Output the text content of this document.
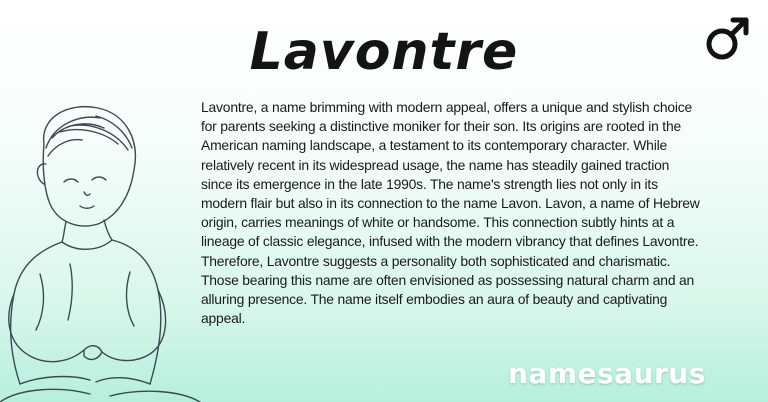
Lavontre
Lavontre, a name brimming with modern appeal, offers a unique and stylish choice for parents seeking a distinctive moniker for their son. Its origins are rooted in the American naming landscape, a testament to its contemporary character. While relatively recent in its widespread usage, the name has steadily gained traction since its emergence in the late 1990s. The name's strength lies not only in its modern flair but also in its connection to the name Lavon. Lavon, a name of Hebrew origin, carries meanings of white or handsome. This connection subtly hints at a lineage of classic elegance, infused with the modern vibrancy that defines Lavontre. Therefore, Lavontre suggests a personality both sophisticated and charismatic. Those bearing this name are often envisioned as possessing natural charm and an alluring presence. The name itself embodies an aura of beauty and captivating appeal.
namesaurus
